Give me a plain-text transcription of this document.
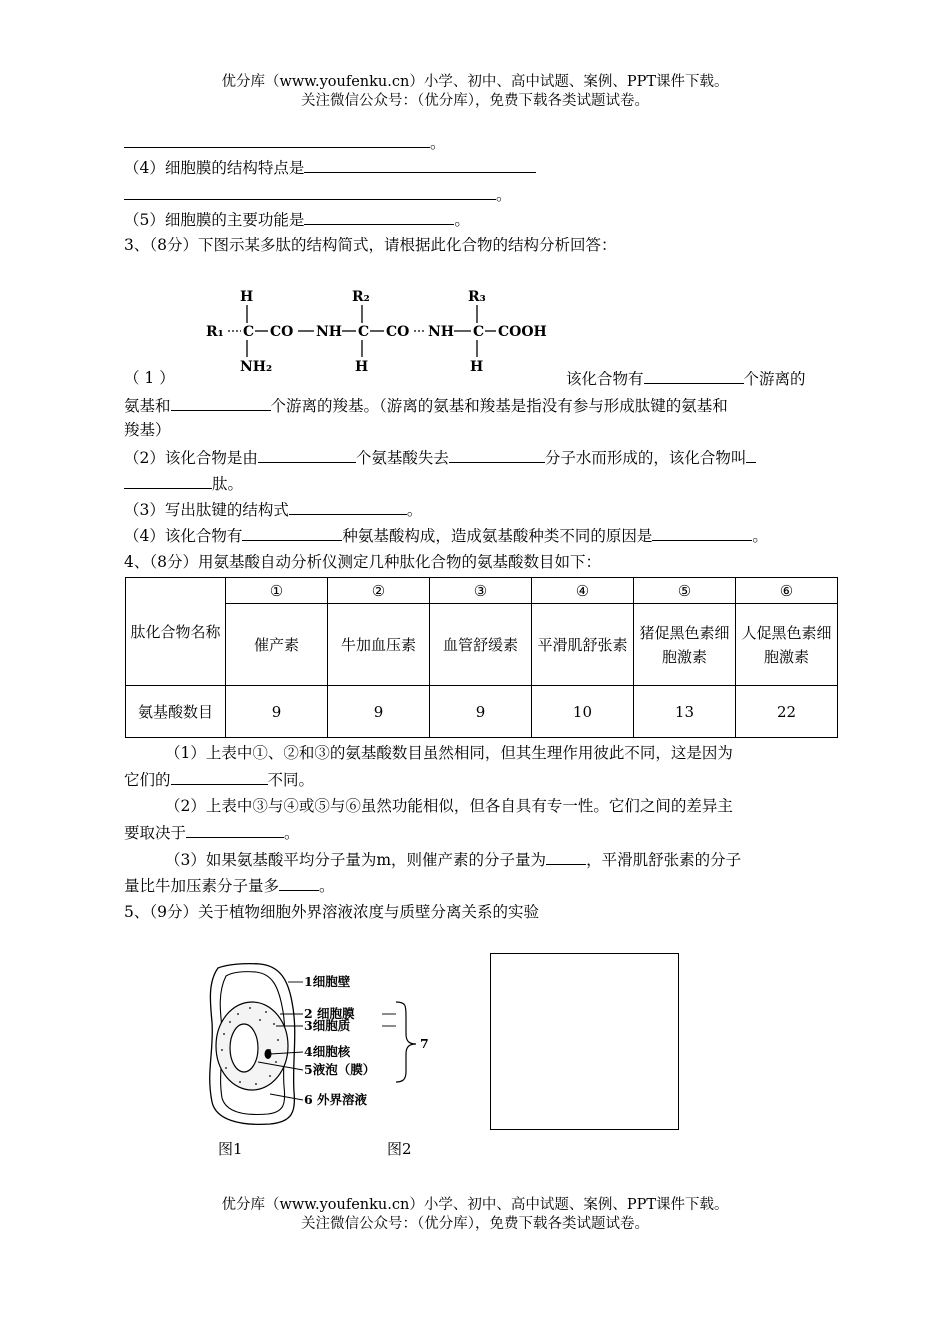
优分库（www.youfenku.cn）小学、初中、高中试题、案例、PPT课件下载。
关注微信公众号：（优分库），免费下载各类试题试卷。
。
（4）细胞膜的结构特点是
。
（5）细胞膜的主要功能是	。
3、（8分）下图示某多肽的结构简式，请根据此化合物的结构分析回答：
H	R₂	R₃
R₁ C CO NH C CO NH C COOH
NH₂	H	H
（ 1 ）	该化合物有	个游离的
氨基和	个游离的羧基。（游离的氨基和羧基是指没有参与形成肽键的氨基和
羧基）
（2）该化合物是由	个氨基酸失去	分子水而形成的，该化合物叫
肽。
（3）写出肽键的结构式	。
（4）该化合物有	种氨基酸构成，造成氨基酸种类不同的原因是	。
4、（8分）用氨基酸自动分析仪测定几种肽化合物的氨基酸数目如下：
肽化合物名称	①	②	③	④	⑤	⑥
	催产素	牛加血压素	血管舒缓素	平滑肌舒张素	猪促黑色素细胞激素	人促黑色素细胞激素
氨基酸数目	9	9	9	10	13	22
（1）上表中①、②和③的氨基酸数目虽然相同，但其生理作用彼此不同，这是因为
它们的	不同。
（2）上表中③与④或⑤与⑥虽然功能相似，但各自具有专一性。它们之间的差异主
要取决于	。
（3）如果氨基酸平均分子量为m，则催产素的分子量为	，平滑肌舒张素的分子
量比牛加压素分子量多	。
5、（9分）关于植物细胞外界溶液浓度与质壁分离关系的实验
1细胞壁
2 细胞膜
3细胞质
4细胞核
5液泡（膜）
6 外界溶液
7
图1	图2
优分库（www.youfenku.cn）小学、初中、高中试题、案例、PPT课件下载。
关注微信公众号：（优分库），免费下载各类试题试卷。
